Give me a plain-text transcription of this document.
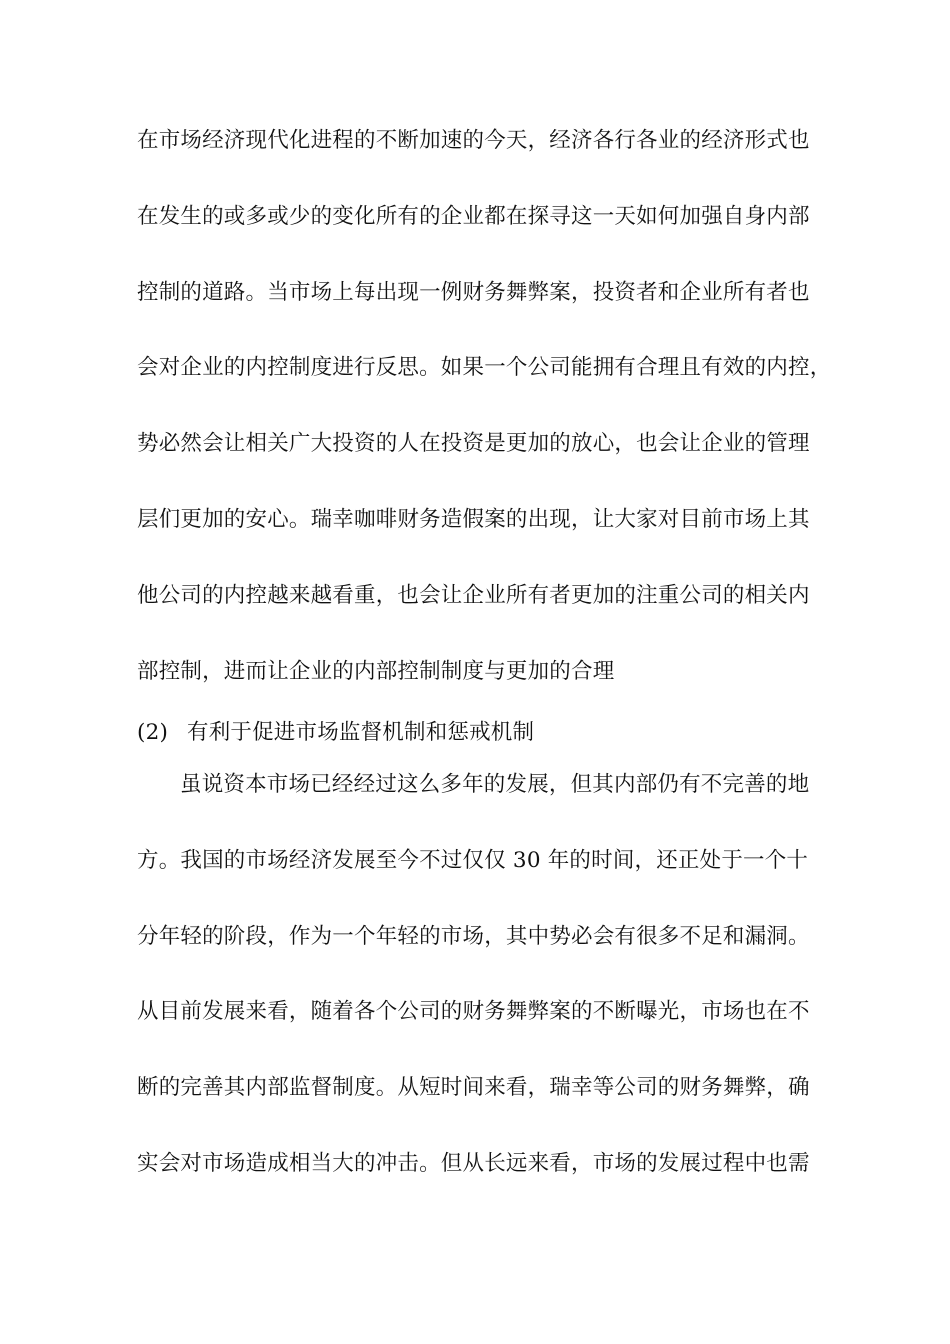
在市场经济现代化进程的不断加速的今天，经济各行各业的经济形式也
在发生的或多或少的变化所有的企业都在探寻这一天如何加强自身内部
控制的道路。当市场上每出现一例财务舞弊案，投资者和企业所有者也
会对企业的内控制度进行反思。如果一个公司能拥有合理且有效的内控，
势必然会让相关广大投资的人在投资是更加的放心，也会让企业的管理
层们更加的安心。瑞幸咖啡财务造假案的出现，让大家对目前市场上其
他公司的内控越来越看重，也会让企业所有者更加的注重公司的相关内
部控制，进而让企业的内部控制制度与更加的合理
(2) 有利于促进市场监督机制和惩戒机制
虽说资本市场已经经过这么多年的发展，但其内部仍有不完善的地
方。我国的市场经济发展至今不过仅仅 30 年的时间，还正处于一个十
分年轻的阶段，作为一个年轻的市场，其中势必会有很多不足和漏洞。
从目前发展来看，随着各个公司的财务舞弊案的不断曝光，市场也在不
断的完善其内部监督制度。从短时间来看，瑞幸等公司的财务舞弊，确
实会对市场造成相当大的冲击。但从长远来看，市场的发展过程中也需
